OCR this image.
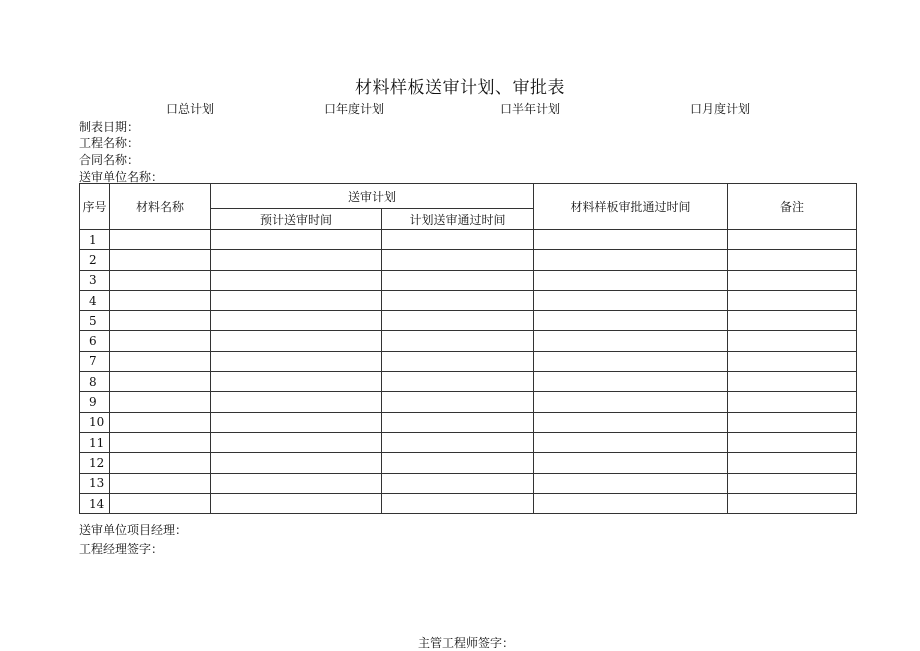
材料样板送审计划、审批表
口总计划	口年度计划	口半年计划	口月度计划
制表日期：
工程名称：
合同名称：
送审单位名称：
序号	材料名称	送审计划		材料样板审批通过时间	备注
		预计送审时间	计划送审通过时间		
1					
2					
3					
4					
5					
6					
7					
8					
9					
10					
11					
12					
13					
14					
送审单位项目经理：
工程经理签字：
主管工程师签字：
